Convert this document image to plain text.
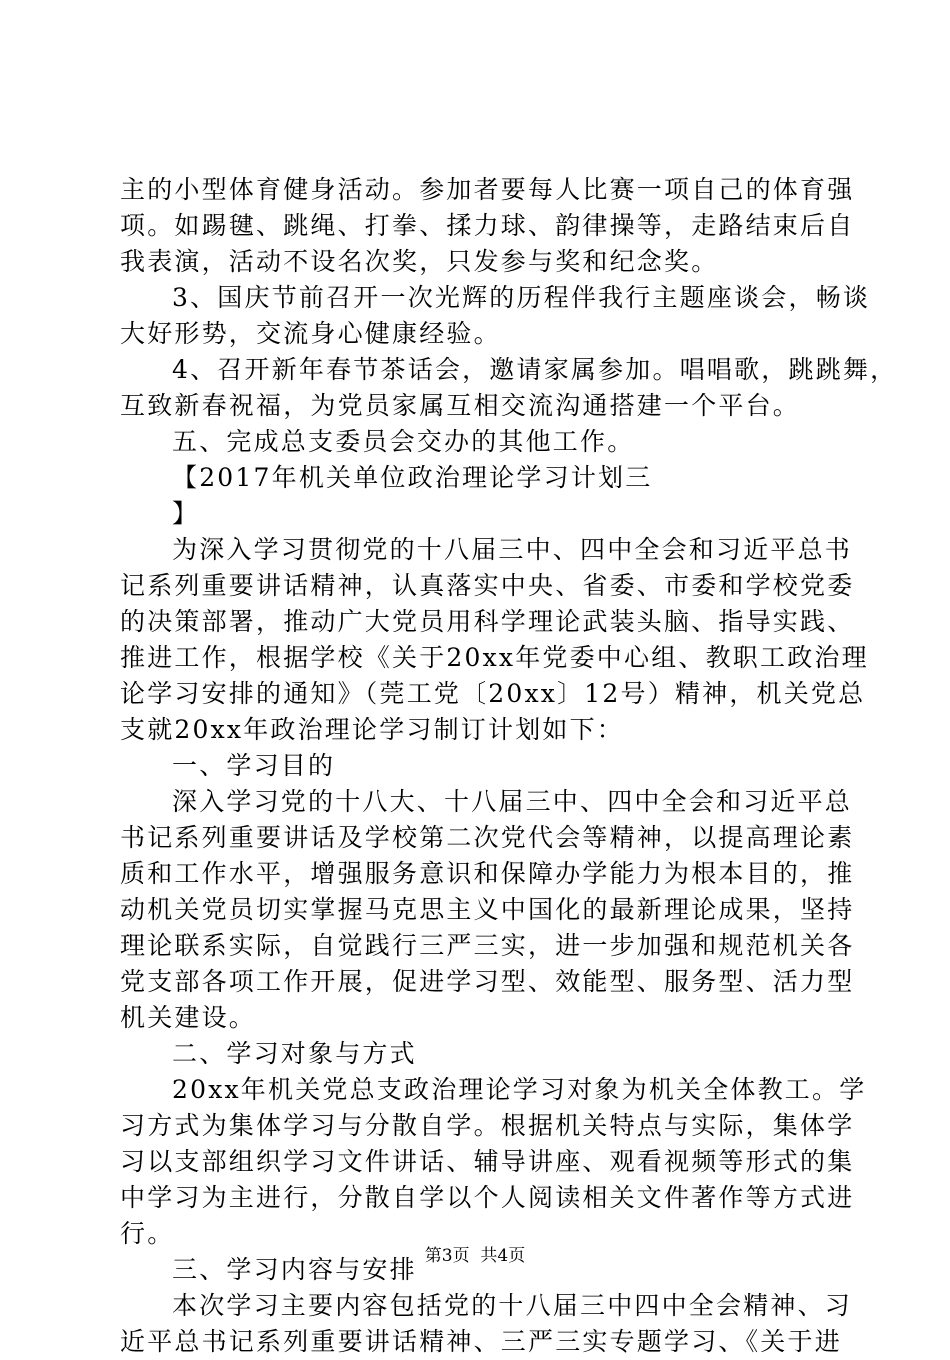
主的小型体育健身活动。参加者要每人比赛一项自己的体育强
项。如踢毽、跳绳、打拳、揉力球、韵律操等，走路结束后自
我表演，活动不设名次奖，只发参与奖和纪念奖。
3、国庆节前召开一次光辉的历程伴我行主题座谈会，畅谈
大好形势，交流身心健康经验。
4、召开新年春节茶话会，邀请家属参加。唱唱歌，跳跳舞，
互致新春祝福，为党员家属互相交流沟通搭建一个平台。
五、完成总支委员会交办的其他工作。
【2017年机关单位政治理论学习计划三
】
为深入学习贯彻党的十八届三中、四中全会和习近平总书
记系列重要讲话精神，认真落实中央、省委、市委和学校党委
的决策部署，推动广大党员用科学理论武装头脑、指导实践、
推进工作，根据学校《关于20xx年党委中心组、教职工政治理
论学习安排的通知》（莞工党〔20xx〕12号）精神，机关党总
支就20xx年政治理论学习制订计划如下：
一、学习目的
深入学习党的十八大、十八届三中、四中全会和习近平总
书记系列重要讲话及学校第二次党代会等精神，以提高理论素
质和工作水平，增强服务意识和保障办学能力为根本目的，推
动机关党员切实掌握马克思主义中国化的最新理论成果，坚持
理论联系实际，自觉践行三严三实，进一步加强和规范机关各
党支部各项工作开展，促进学习型、效能型、服务型、活力型
机关建设。
二、学习对象与方式
20xx年机关党总支政治理论学习对象为机关全体教工。学
习方式为集体学习与分散自学。根据机关特点与实际，集体学
习以支部组织学习文件讲话、辅导讲座、观看视频等形式的集
中学习为主进行，分散自学以个人阅读相关文件著作等方式进
行。
三、学习内容与安排
本次学习主要内容包括党的十八届三中四中全会精神、习
近平总书记系列重要讲话精神、三严三实专题学习、《关于进
第3页  共4页
